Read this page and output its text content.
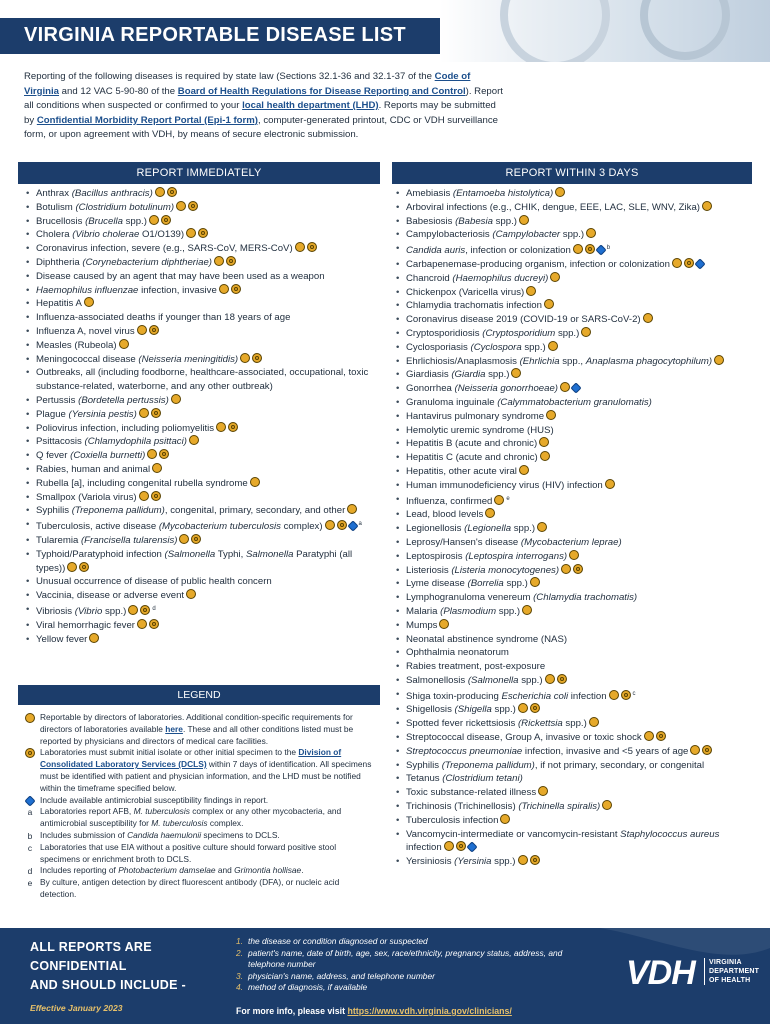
VIRGINIA REPORTABLE DISEASE LIST
Reporting of the following diseases is required by state law (Sections 32.1-36 and 32.1-37 of the Code of Virginia and 12 VAC 5-90-80 of the Board of Health Regulations for Disease Reporting and Control). Report all conditions when suspected or confirmed to your local health department (LHD). Reports may be submitted by Confidential Morbidity Report Portal (Epi-1 form), computer-generated printout, CDC or VDH surveillance form, or upon agreement with VDH, by means of secure electronic submission.
REPORT IMMEDIATELY	REPORT WITHIN 3 DAYS
• Anthrax (Bacillus anthracis)
• Botulism (Clostridium botulinum)
• Brucellosis (Brucella spp.)
• Cholera (Vibrio cholerae O1/O139)
• Coronavirus infection, severe (e.g., SARS-CoV, MERS-CoV)
• Diphtheria (Corynebacterium diphtheriae)
• Disease caused by an agent that may have been used as a weapon
• Haemophilus influenzae infection, invasive
• Hepatitis A
• Influenza-associated deaths if younger than 18 years of age
• Influenza A, novel virus
• Measles (Rubeola)
• Meningococcal disease (Neisseria meningitidis)
• Outbreaks, all (including foodborne, healthcare-associated, occupational, toxic substance-related, waterborne, and any other outbreak)
• Pertussis (Bordetella pertussis)
• Plague (Yersinia pestis)
• Poliovirus infection, including poliomyelitis
• Psittacosis (Chlamydophila psittaci)
• Q fever (Coxiella burnetti)
• Rabies, human and animal
• Rubella [a], including congenital rubella syndrome
• Smallpox (Variola virus)
• Syphilis (Treponema pallidum), congenital, primary, secondary, and other
• Tuberculosis, active disease (Mycobacterium tuberculosis complex)	$^a$
• Tularemia (Francisella tularensis)
• Typhoid/Paratyphoid infection (Salmonella Typhi, Salmonella Paratyphi (all types))
• Unusual occurrence of disease of public health concern
• Vaccinia, disease or adverse event
• Vibriosis (Vibrio spp.)	$^d$
• Viral hemorrhagic fever
• Yellow fever
• Amebiasis (Entamoeba histolytica)
• Arboviral infections (e.g., CHIK, dengue, EEE, LAC, SLE, WNV, Zika)
• Babesiosis (Babesia spp.)
• Campylobacteriosis (Campylobacter spp.)
• Candida auris, infection or colonization	$^b$
• Carbapenemase-producing organism, infection or colonization
• Chancroid (Haemophilus ducreyi)
• Chickenpox (Varicella virus)
• Chlamydia trachomatis infection
• Coronavirus disease 2019 (COVID-19 or SARS-CoV-2)
• Cryptosporidiosis (Cryptosporidium spp.)
• Cyclosporiasis (Cyclospora spp.)
• Ehrlichiosis/Anaplasmosis (Ehrlichia spp., Anaplasma phagocytophilum)
• Giardiasis (Giardia spp.)
• Gonorrhea (Neisseria gonorrhoeae)
• Granuloma inguinale (Calymmatobacterium granulomatis)
• Hantavirus pulmonary syndrome
• Hemolytic uremic syndrome (HUS)
• Hepatitis B (acute and chronic)
• Hepatitis C (acute and chronic)
• Hepatitis, other acute viral
• Human immunodeficiency virus (HIV) infection
• Influenza, confirmed $^e$
• Lead, blood levels
• Legionellosis (Legionella spp.)
• Leprosy/Hansen's disease (Mycobacterium leprae)
• Leptospirosis (Leptospira interrogans)
• Listeriosis (Listeria monocytogenes)
• Lyme disease (Borrelia spp.)
• Lymphogranuloma venereum (Chlamydia trachomatis)
• Malaria (Plasmodium spp.)
• Mumps
• Neonatal abstinence syndrome (NAS)
• Ophthalmia neonatorum
• Rabies treatment, post-exposure
• Salmonellosis (Salmonella spp.)
• Shiga toxin-producing Escherichia coli infection	$^c$
• Shigellosis (Shigella spp.)
• Spotted fever rickettsiosis (Rickettsia spp.)
• Streptococcal disease, Group A, invasive or toxic shock
• Streptococcus pneumoniae infection, invasive and <5 years of age
• Syphilis (Treponema pallidum), if not primary, secondary, or congenital
• Tetanus (Clostridium tetani)
• Toxic substance-related illness
• Trichinosis (Trichinellosis) (Trichinella spiralis)
• Tuberculosis infection
• Vancomycin-intermediate or vancomycin-resistant Staphylococcus aureus infection
• Yersiniosis (Yersinia spp.)
LEGEND
Reportable by directors of laboratories. Additional condition-specific requirements for directors of laboratories available here. These and all other conditions listed must be reported by physicians and directors of medical care facilities.
Laboratories must submit initial isolate or other initial specimen to the Division of Consolidated Laboratory Services (DCLS) within 7 days of identification. All specimens must be identified with patient and physician information, and the LHD must be notified within the timeframe specified below.
Include available antimicrobial susceptibility findings in report.
a Laboratories report AFB, M. tuberculosis complex or any other mycobacteria, and antimicrobial susceptibility for M. tuberculosis complex.
b Includes submission of Candida haemulonii specimens to DCLS.
c Laboratories that use EIA without a positive culture should forward positive stool specimens or enrichment broth to DCLS.
d Includes reporting of Photobacterium damselae and Grimontia hollisae.
e By culture, antigen detection by direct fluorescent antibody (DFA), or nucleic acid detection.
ALL REPORTS ARE
CONFIDENTIAL
AND SHOULD INCLUDE -
Effective January 2023
1. the disease or condition diagnosed or suspected
2. patient's name, date of birth, age, sex, race/ethnicity, pregnancy status, address, and telephone number
3. physician's name, address, and telephone number
4. method of diagnosis, if available
For more info, please visit https://www.vdh.virginia.gov/clinicians/
VDH VIRGINIA
DEPARTMENT
OF HEALTH
